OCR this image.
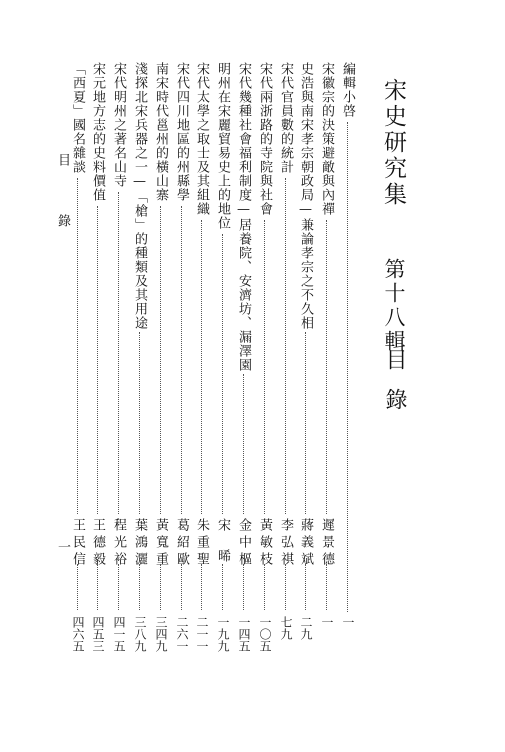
宋史研究集
第十八輯
目錄
編輯小啓
一
宋徽宗的決策避敵與內禪
遲景德
一
史浩與南宋孝宗朝政局—兼論孝宗之不久相
蔣義斌
二九
宋代官員數的統計
李弘祺
七九
宋代兩浙路的寺院與社會
黃敏枝
一〇五
宋代幾種社會福利制度—居養院、安濟坊、漏澤園
金中樞
一四五
明州在宋麗貿易史上的地位
宋晞
一九九
宋代太學之取士及其組織
朱重聖
二一一
宋代四川地區的州縣學
葛紹歐
二六一
南宋時代邕州的橫山寨
黃寬重
三四九
淺探北宋兵器之一—「槍」的種類及其用途
葉鴻灑
三八九
宋代明州之著名山寺
程光裕
四一五
宋元地方志的史料價值
王德毅
四五三
「西夏」國名雜談
王民信
四六五
目錄
一
